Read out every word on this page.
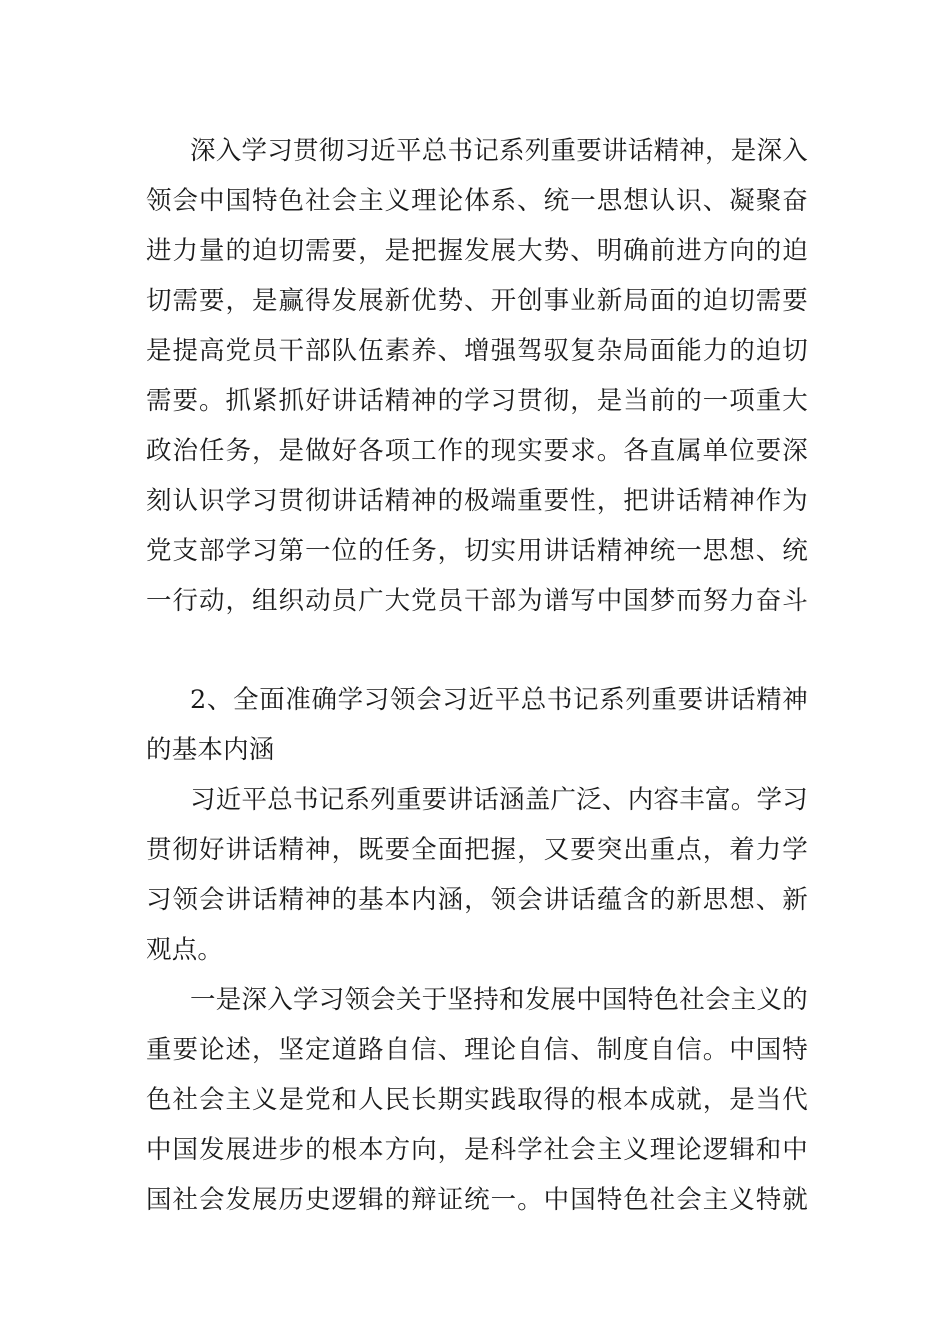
深入学习贯彻习近平总书记系列重要讲话精神，是深入
领会中国特色社会主义理论体系、统一思想认识、凝聚奋
进力量的迫切需要，是把握发展大势、明确前进方向的迫
切需要，是赢得发展新优势、开创事业新局面的迫切需要
是提高党员干部队伍素养、增强驾驭复杂局面能力的迫切
需要。抓紧抓好讲话精神的学习贯彻，是当前的一项重大
政治任务，是做好各项工作的现实要求。各直属单位要深
刻认识学习贯彻讲话精神的极端重要性，把讲话精神作为
党支部学习第一位的任务，切实用讲话精神统一思想、统
一行动，组织动员广大党员干部为谱写中国梦而努力奋斗
2、全面准确学习领会习近平总书记系列重要讲话精神
的基本内涵
习近平总书记系列重要讲话涵盖广泛、内容丰富。学习
贯彻好讲话精神，既要全面把握，又要突出重点，着力学
习领会讲话精神的基本内涵，领会讲话蕴含的新思想、新
观点。
一是深入学习领会关于坚持和发展中国特色社会主义的
重要论述，坚定道路自信、理论自信、制度自信。中国特
色社会主义是党和人民长期实践取得的根本成就，是当代
中国发展进步的根本方向，是科学社会主义理论逻辑和中
国社会发展历史逻辑的辩证统一。中国特色社会主义特就
